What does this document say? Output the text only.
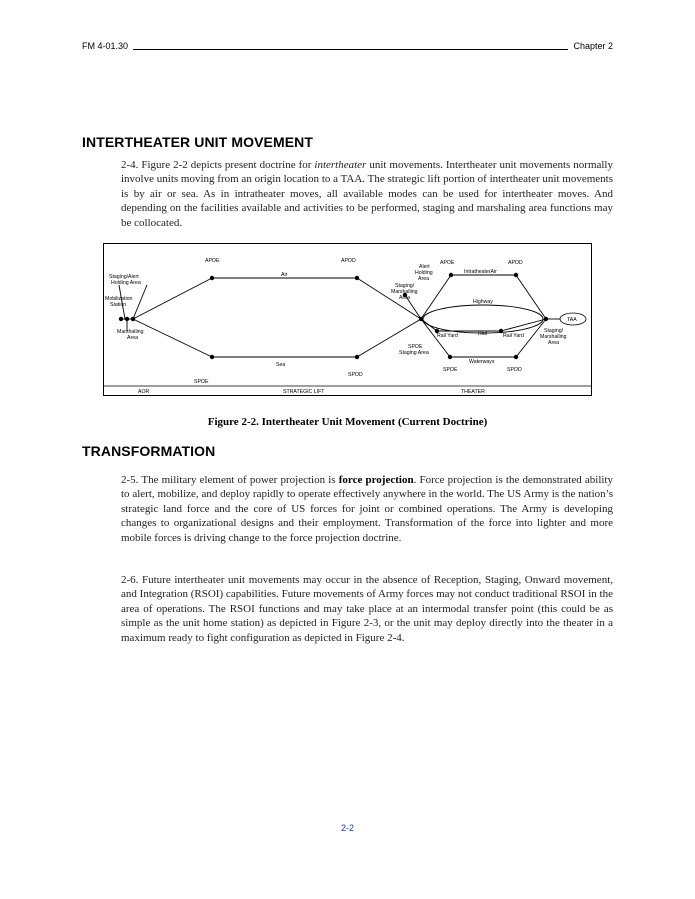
FM 4-01.30	Chapter 2
INTERTHEATER UNIT MOVEMENT

2-4. Figure 2-2 depicts present doctrine for intertheater unit movements. Intertheater unit movements normally involve units moving from an origin location to a TAA. The strategic lift portion of intertheater unit movements is by air or sea. As in intratheater moves, all available modes can be used for intertheater moves. And depending on the facilities available and activities to be performed, staging and marshaling area functions may be collocated.

APOE	APOD
Air
Staging/Alert
Holding Area
Mobilization
Station
Marshalling
Area
Sea
SPOE
SPOD
Alert
Holding
Area
Staging/
Marshalling
Area
APOE	APOD
IntratheaterAir
Highway
TAA
Rail Yard	Rail	Rail Yard
Staging/
Marshalling
Area
SPOE
Staging Area
Waterways
SPOE	SPOD
AOR	STRATEGIC LIFT	THEATER
Figure 2-2. Intertheater Unit Movement (Current Doctrine)
TRANSFORMATION

2-5. The military element of power projection is force projection. Force projection is the demonstrated ability to alert, mobilize, and deploy rapidly to operate effectively anywhere in the world. The US Army is the nation’s strategic land force and the core of US forces for joint or combined operations. The Army is developing changes to organizational designs and their employment. Transformation of the force into lighter and more mobile forces is driving change to the force projection doctrine.

2-6. Future intertheater unit movements may occur in the absence of Reception, Staging, Onward movement, and Integration (RSOI) capabilities. Future movements of Army forces may not conduct traditional RSOI in the area of operations. The RSOI functions and may take place at an intermodal transfer point (this could be as simple as the unit home station) as depicted in Figure 2-3, or the unit may deploy directly into the theater in a maximum ready to fight configuration as depicted in Figure 2-4.

2-2
